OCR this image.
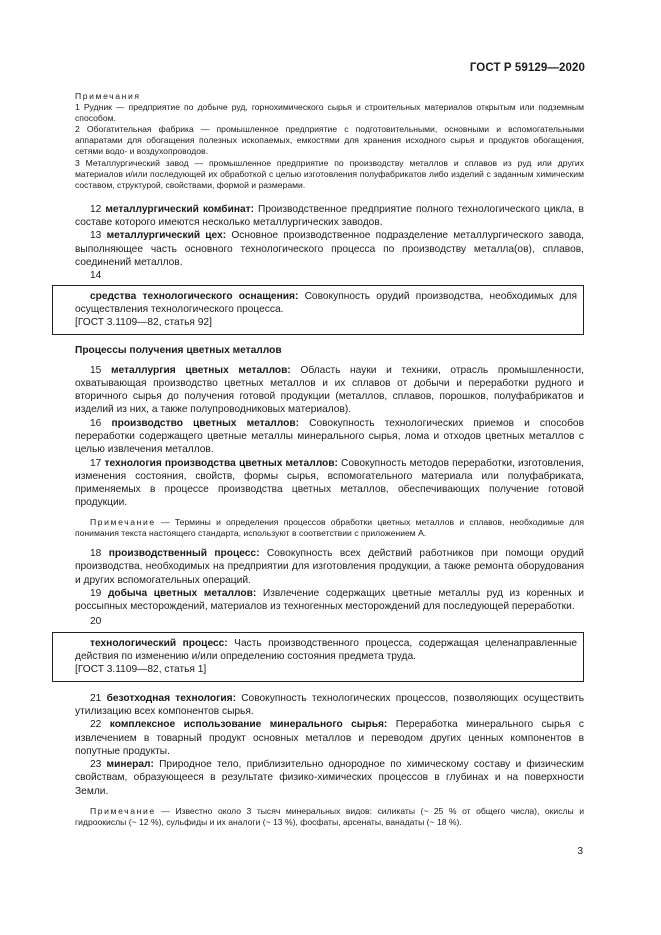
ГОСТ Р 59129—2020
Примечания

1 Рудник — предприятие по добыче руд, горнохимического сырья и строительных материалов открытым или подземным способом.

2 Обогатительная фабрика — промышленное предприятие с подготовительными, основными и вспомогательными аппаратами для обогащения полезных ископаемых, емкостями для хранения исходного сырья и продуктов обогащения, сетями водо- и воздухопроводов.

3 Металлургический завод — промышленное предприятие по производству металлов и сплавов из руд или других материалов и/или последующей их обработкой с целью изготовления полуфабрикатов либо изделий с заданным химическим составом, структурой, свойствами, формой и размерами.

12 металлургический комбинат: Производственное предприятие полного технологического цикла, в составе которого имеются несколько металлургических заводов.

13 металлургический цех: Основное производственное подразделение металлургического завода, выполняющее часть основного технологического процесса по производству металла(ов), сплавов, соединений металлов.

14

средства технологического оснащения: Совокупность орудий производства, необходимых для осуществления технологического процесса.

[ГОСТ 3.1109—82, статья 92]

Процессы получения цветных металлов

15 металлургия цветных металлов: Область науки и техники, отрасль промышленности, охватывающая производство цветных металлов и их сплавов от добычи и переработки рудного и вторичного сырья до получения готовой продукции (металлов, сплавов, порошков, полуфабрикатов и изделий из них, а также полупроводниковых материалов).

16 производство цветных металлов: Совокупность технологических приемов и способов переработки содержащего цветные металлы минерального сырья, лома и отходов цветных металлов с целью извлечения металлов.

17 технология производства цветных металлов: Совокупность методов переработки, изготовления, изменения состояния, свойств, формы сырья, вспомогательного материала или полуфабриката, применяемых в процессе производства цветных металлов, обеспечивающих получение готовой продукции.

Примечание — Термины и определения процессов обработки цветных металлов и сплавов, необходимые для понимания текста настоящего стандарта, используют в соответствии с приложением А.

18 производственный процесс: Совокупность всех действий работников при помощи орудий производства, необходимых на предприятии для изготовления продукции, а также ремонта оборудования и других вспомогательных операций.

19 добыча цветных металлов: Извлечение содержащих цветные металлы руд из коренных и россыпных месторождений, материалов из техногенных месторождений для последующей переработки.

20

технологический процесс: Часть производственного процесса, содержащая целенаправленные действия по изменению и/или определению состояния предмета труда.

[ГОСТ 3.1109—82, статья 1]

21 безотходная технология: Совокупность технологических процессов, позволяющих осуществить утилизацию всех компонентов сырья.

22 комплексное использование минерального сырья: Переработка минерального сырья с извлечением в товарный продукт основных металлов и переводом других ценных компонентов в попутные продукты.

23 минерал: Природное тело, приблизительно однородное по химическому составу и физическим свойствам, образующееся в результате физико-химических процессов в глубинах и на поверхности Земли.

Примечание — Известно около 3 тысяч минеральных видов: силикаты (~ 25 % от общего числа), окислы и гидроокислы (~ 12 %), сульфиды и их аналоги (~ 13 %), фосфаты, арсенаты, ванадаты (~ 18 %).
3
